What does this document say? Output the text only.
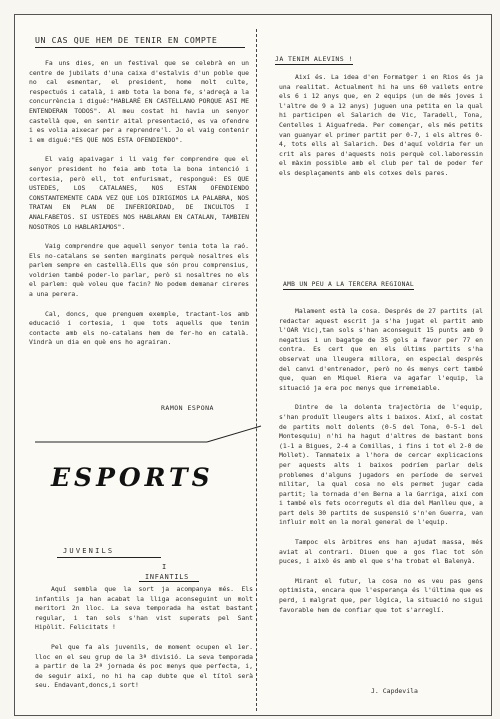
UN CAS QUE HEM DE TENIR EN COMPTE

Fa uns dies, en un festival que se celebrà en un centre de jubilats d'una caixa d'estalvis d'un poble que no cal esmentar, el president, home molt culte, respectuós i català, i amb tota la bona fe, s'adreçà a la concurrència i digué:"HABLARÉ EN CASTELLANO PORQUE ASI ME ENTENDERAN TODOS". Al meu costat hi havia un senyor castellà que, en sentir aital presentació, es va ofendre i es volia aixecar per a reprendre'l. Jo el vaig contenir i em digué:"ES QUE NOS ESTA OFENDIENDO".

El vaig apaivagar i li vaig fer comprendre que el senyor president ho feia amb tota la bona intenció i cortesia, però ell, tot enfurismat, respongué: ES QUE USTEDES, LOS CATALANES, NOS ESTAN OFENDIENDO CONSTANTEMENTE CADA VEZ QUE LOS DIRIGIMOS LA PALABRA, NOS TRATAN EN PLAN DE INFERIORIDAD, DE INCULTOS I ANALFABETOS. SI USTEDES NOS HABLARAN EN CATALAN, TAMBIEN NOSOTROS LO HABLARIAMOS".

Vaig comprendre que aquell senyor tenia tota la raó. Els no-catalans se senten marginats perquè nosaltres els parlem sempre en castellà.Ells que són prou comprensius, voldrien també poder-lo parlar, però si nosaltres no els el parlem: què voleu que facin? No podem demanar cireres a una perera.

Cal, doncs, que prenguem exemple, tractant-los amb educació i cortesia, i que tots aquells que tenim contacte amb els no-catalans hem de fer-ho en català. Vindrà un dia en què ens ho agrairan.

RAMON ESPONA
ESPORTS
JUVENILS
I
INFANTILS

Aquí sembla que la sort ja acompanya més. Els infantils ja han acabat la lliga aconseguint un molt meritori 2n lloc. La seva temporada ha estat bastant regular, i tan sols s'han vist superats pel Sant Hipòlit. Felicitats !

Pel que fa als juvenils, de moment ocupen el 1er. lloc en el seu grup de la 3ª divisió. La seva temporada a partir de la 2ª jornada és poc menys que perfecta, i, de seguir així, no hi ha cap dubte que el títol serà seu. Endavant,doncs,i sort!

JA TENIM ALEVINS !

Així és. La idea d'en Formatger i en Rios és ja una realitat. Actualment hi ha uns 60 vailets entre els 6 i 12 anys que, en 2 equips (un de més joves i l'altre de 9 a 12 anys) juguen una petita en la qual hi participen el Salarich de Vic, Taradell, Tona, Centelles i Aiguafreda. Per començar, els més petits van guanyar el primer partit per 0-7, i els altres 0-4, tots ells al Salarich. Des d'aquí voldria fer un crit als pares d'aquests nois perquè col.laboressin el màxim possible amb el club per tal de poder fer els desplaçaments amb els cotxes dels pares.

AMB UN PEU A LA TERCERA REGIONAL

Malament està la cosa. Després de 27 partits (al redactar aquest escrit ja s'ha jugat el partit amb l'OAR Vic),tan sols s'han aconseguit 15 punts amb 9 negatius i un bagatge de 35 gols a favor per 77 en contra. Es cert que en els últims partits s'ha observat una lleugera millora, en especial després del canvi d'entrenador, però no és menys cert també que, quan en Miquel Riera va agafar l'equip, la situació ja era poc menys que irremeiable.

Dintre de la dolenta trajectòria de l'equip, s'han produït lleugers alts i baixos. Així, al costat de partits molt dolents (0-5 del Tona, 0-5-1 del Montesquiu) n'hi ha hagut d'altres de bastant bons (1-1 a Bigues, 2-4 a Comillas, i fins i tot el 2-0 de Mollet). Tanmateix a l'hora de cercar explicacions per aquests alts i baixos podríem parlar dels problemes d'alguns jugadors en període de servei militar, la qual cosa no els permet jugar cada partit; la tornada d'en Berna a la Garriga, així com i també els fets ocorreguts el dia del Manlleu que, a part dels 30 partits de suspensió s'n'en Guerra, van influir molt en la moral general de l'equip.

Tampoc els àrbitres ens han ajudat massa, més aviat al contrari. Diuen que a gos flac tot són puces, i això és amb el que s'ha trobat el Balenyà.

Mirant el futur, la cosa no es veu pas gens optimista, encara que l'esperança és l'última que es perd, i malgrat que, per lògica, la situació no sigui favorable hem de confiar que tot s'arreglí.

J. Capdevila
